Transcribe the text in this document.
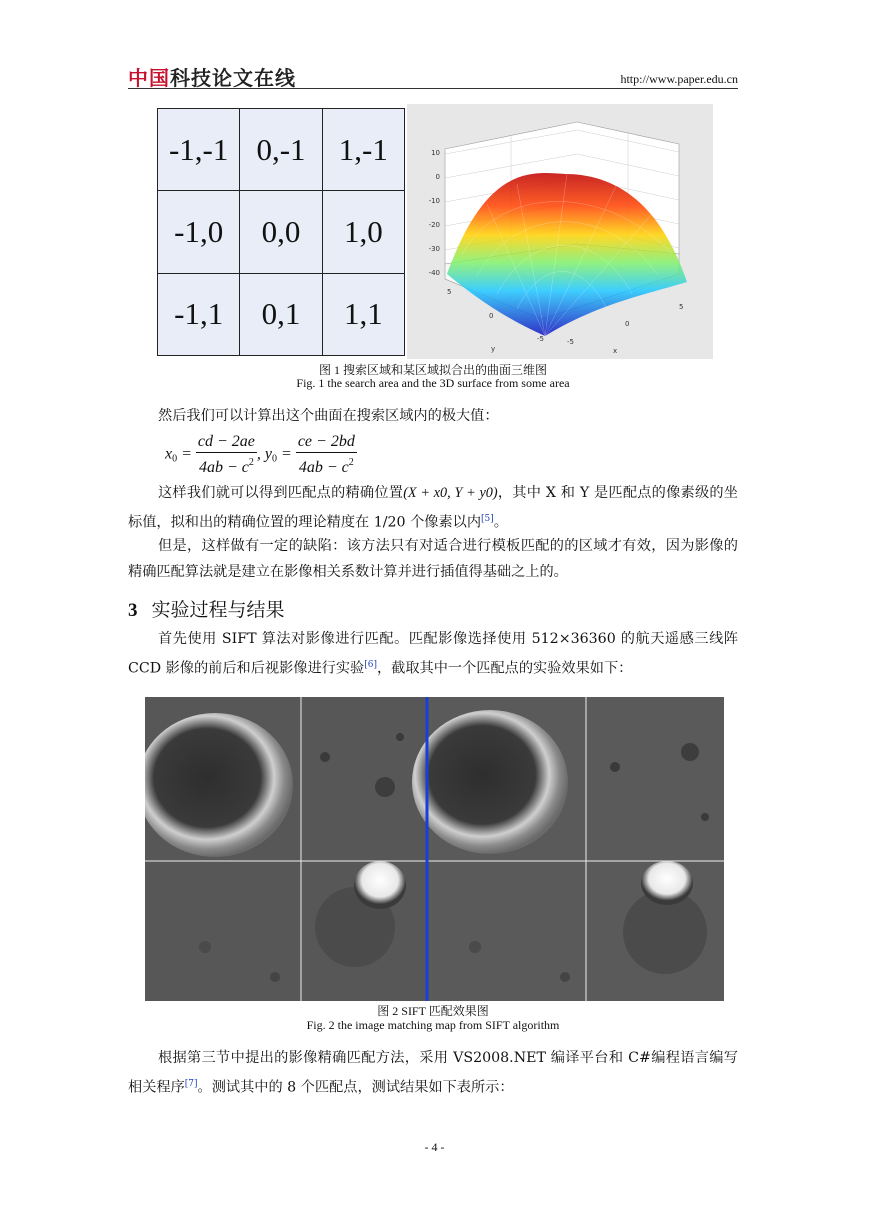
中国科技论文在线	http://www.paper.edu.cn
-1,-1	0,-1	1,-1
-1,0	0,0	1,0
-1,1	0,1	1,1
10
0
-10
-20
-30
-40
5
0
-5	-5
0
5
y	x
图 1 搜索区域和某区域拟合出的曲面三维图
Fig. 1 the search area and the 3D surface from some area
然后我们可以计算出这个曲面在搜索区域内的极大值：
$x_0 = \frac{cd - 2ae}{4ab - c^2}$ , $y_0 = \frac{ce - 2bd}{4ab - c^2}$
这样我们就可以得到匹配点的精确位置(X + x0, Y + y0)，其中 X 和 Y 是匹配点的像素级的坐标值，拟和出的精确位置的理论精度在 1/20 个像素以内[5]。
但是，这样做有一定的缺陷：该方法只有对适合进行模板匹配的的区域才有效，因为影像的精确匹配算法就是建立在影像相关系数计算并进行插值得基础之上的。
3 实验过程与结果
首先使用 SIFT 算法对影像进行匹配。匹配影像选择使用 512×36360 的航天遥感三线阵CCD 影像的前后和后视影像进行实验[6]，截取其中一个匹配点的实验效果如下：
图 2 SIFT 匹配效果图
Fig. 2 the image matching map from SIFT algorithm
根据第三节中提出的影像精确匹配方法，采用 VS2008.NET 编译平台和 C#编程语言编写相关程序[7]。测试其中的 8 个匹配点，测试结果如下表所示：
- 4 -
